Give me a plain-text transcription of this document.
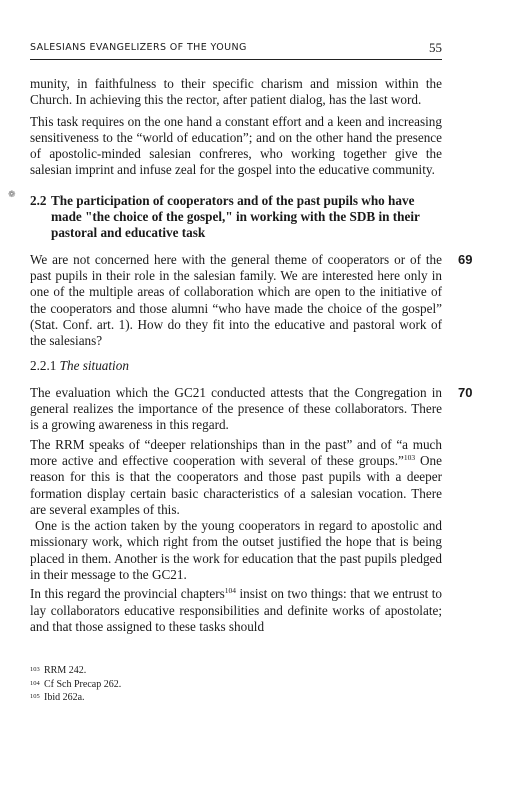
❁
SALESIANS EVANGELIZERS OF THE YOUNG	55

munity, in faithfulness to their specific charism and mission within the Church. In achieving this the rector, after patient dialog, has the last word.

This task requires on the one hand a constant effort and a keen and increasing sensitiveness to the “world of education”; and on the other hand the presence of apostolic-minded salesian confreres, who working together give the salesian imprint and infuse zeal for the gospel into the educative community.

2.2 The participation of cooperators and of the past pupils who have made "the choice of the gospel," in working with the SDB in their pastoral and educative task

We are not concerned here with the general theme of cooperators or of the past pupils in their role in the salesian family. We are interested here only in one of the multiple areas of collaboration which are open to the initiative of the cooperators and those alumni “who have made the choice of the gospel” (Stat. Conf. art. 1). How do they fit into the educative and pastoral work of the salesians?

69

2.2.1 The situation

The evaluation which the GC21 conducted attests that the Congregation in general realizes the importance of the presence of these collaborators. There is a growing awareness in this regard.

70

The RRM speaks of “deeper relationships than in the past” and of “a much more active and effective cooperation with several of these groups.”$^{103}$ One reason for this is that the cooperators and those past pupils with a deeper formation display certain basic characteristics of a salesian vocation. There are several examples of this.

One is the action taken by the young cooperators in regard to apostolic and missionary work, which right from the outset justified the hope that is being placed in them. Another is the work for education that the past pupils pledged in their message to the GC21.

In this regard the provincial chapters$^{104}$ insist on two things: that we entrust to lay collaborators educative responsibilities and definite works of apostolate; and that those assigned to these tasks should

103 RRM 242.
104 Cf Sch Precap 262.
105 Ibid 262a.
